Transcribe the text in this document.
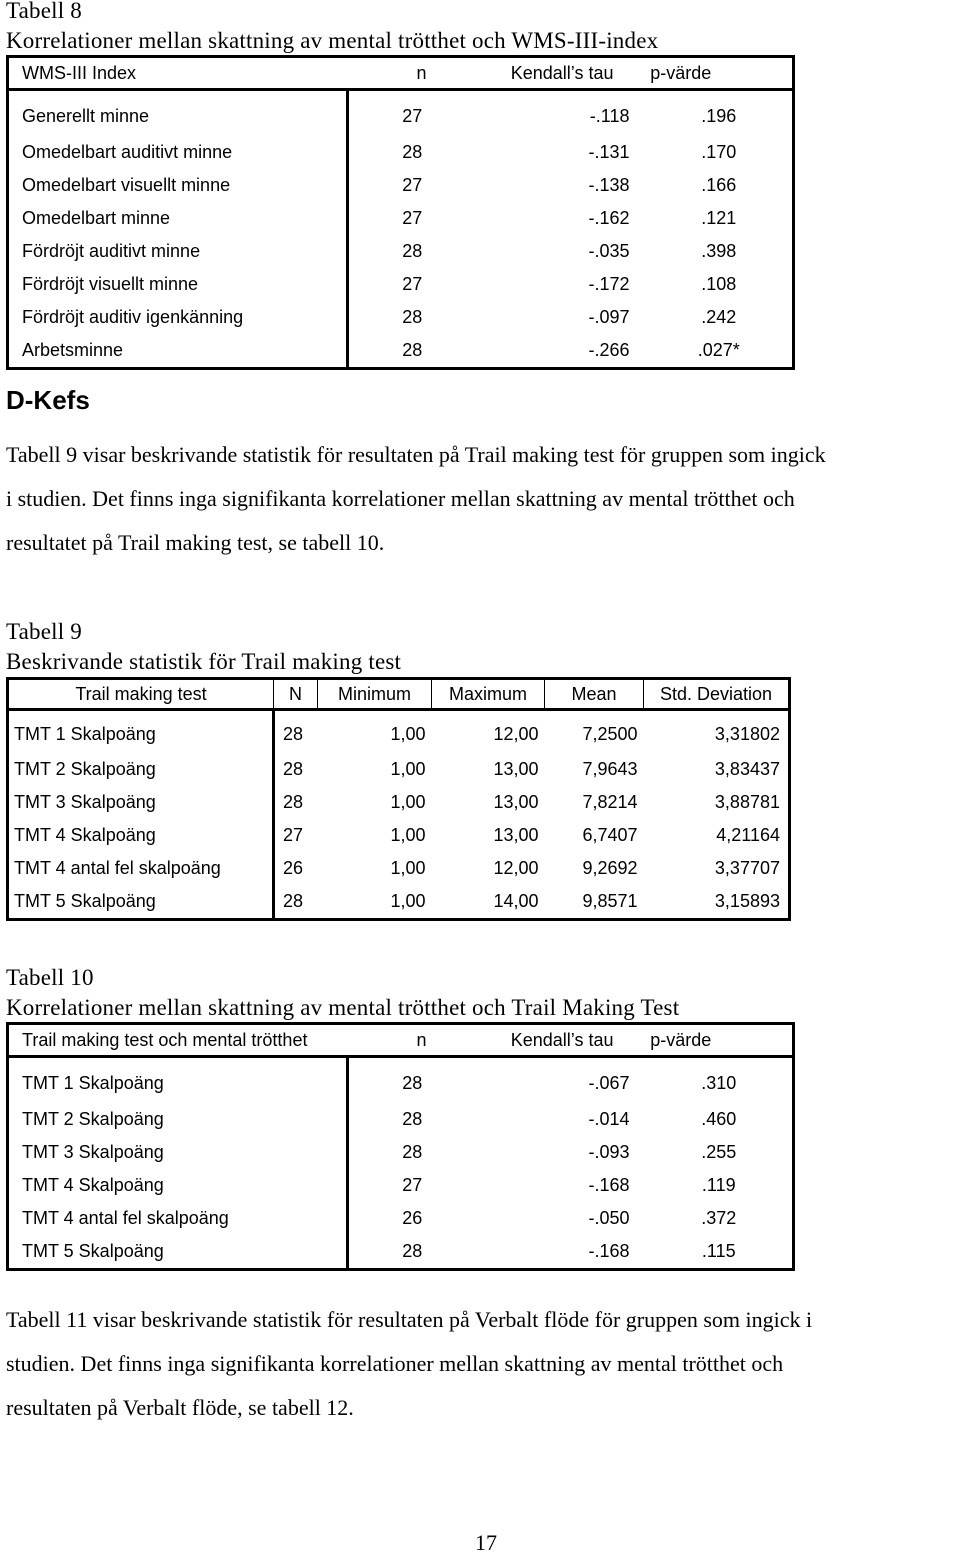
Tabell 8
Korrelationer mellan skattning av mental trötthet och WMS-III-index
WMS-III Index	n	Kendall’s tau	p-värde
Generellt minne	27	-.118	.196
Omedelbart auditivt minne	28	-.131	.170
Omedelbart visuellt minne	27	-.138	.166
Omedelbart minne	27	-.162	.121
Fördröjt auditivt minne	28	-.035	.398
Fördröjt visuellt minne	27	-.172	.108
Fördröjt auditiv igenkänning	28	-.097	.242
Arbetsminne	28	-.266	.027*
D-Kefs
Tabell 9 visar beskrivande statistik för resultaten på Trail making test för gruppen som ingick
i studien. Det finns inga signifikanta korrelationer mellan skattning av mental trötthet och
resultatet på Trail making test, se tabell 10.
Tabell 9
Beskrivande statistik för Trail making test
Trail making test	N	Minimum	Maximum	Mean	Std. Deviation
TMT 1 Skalpoäng	28	1,00	12,00	7,2500	3,31802
TMT 2 Skalpoäng	28	1,00	13,00	7,9643	3,83437
TMT 3 Skalpoäng	28	1,00	13,00	7,8214	3,88781
TMT 4 Skalpoäng	27	1,00	13,00	6,7407	4,21164
TMT 4 antal fel skalpoäng	26	1,00	12,00	9,2692	3,37707
TMT 5 Skalpoäng	28	1,00	14,00	9,8571	3,15893
Tabell 10
Korrelationer mellan skattning av mental trötthet och Trail Making Test
Trail making test och mental trötthet	n	Kendall’s tau	p-värde
TMT 1 Skalpoäng	28	-.067	.310
TMT 2 Skalpoäng	28	-.014	.460
TMT 3 Skalpoäng	28	-.093	.255
TMT 4 Skalpoäng	27	-.168	.119
TMT 4 antal fel skalpoäng	26	-.050	.372
TMT 5 Skalpoäng	28	-.168	.115
Tabell 11 visar beskrivande statistik för resultaten på Verbalt flöde för gruppen som ingick i
studien. Det finns inga signifikanta korrelationer mellan skattning av mental trötthet och
resultaten på Verbalt flöde, se tabell 12.
17
